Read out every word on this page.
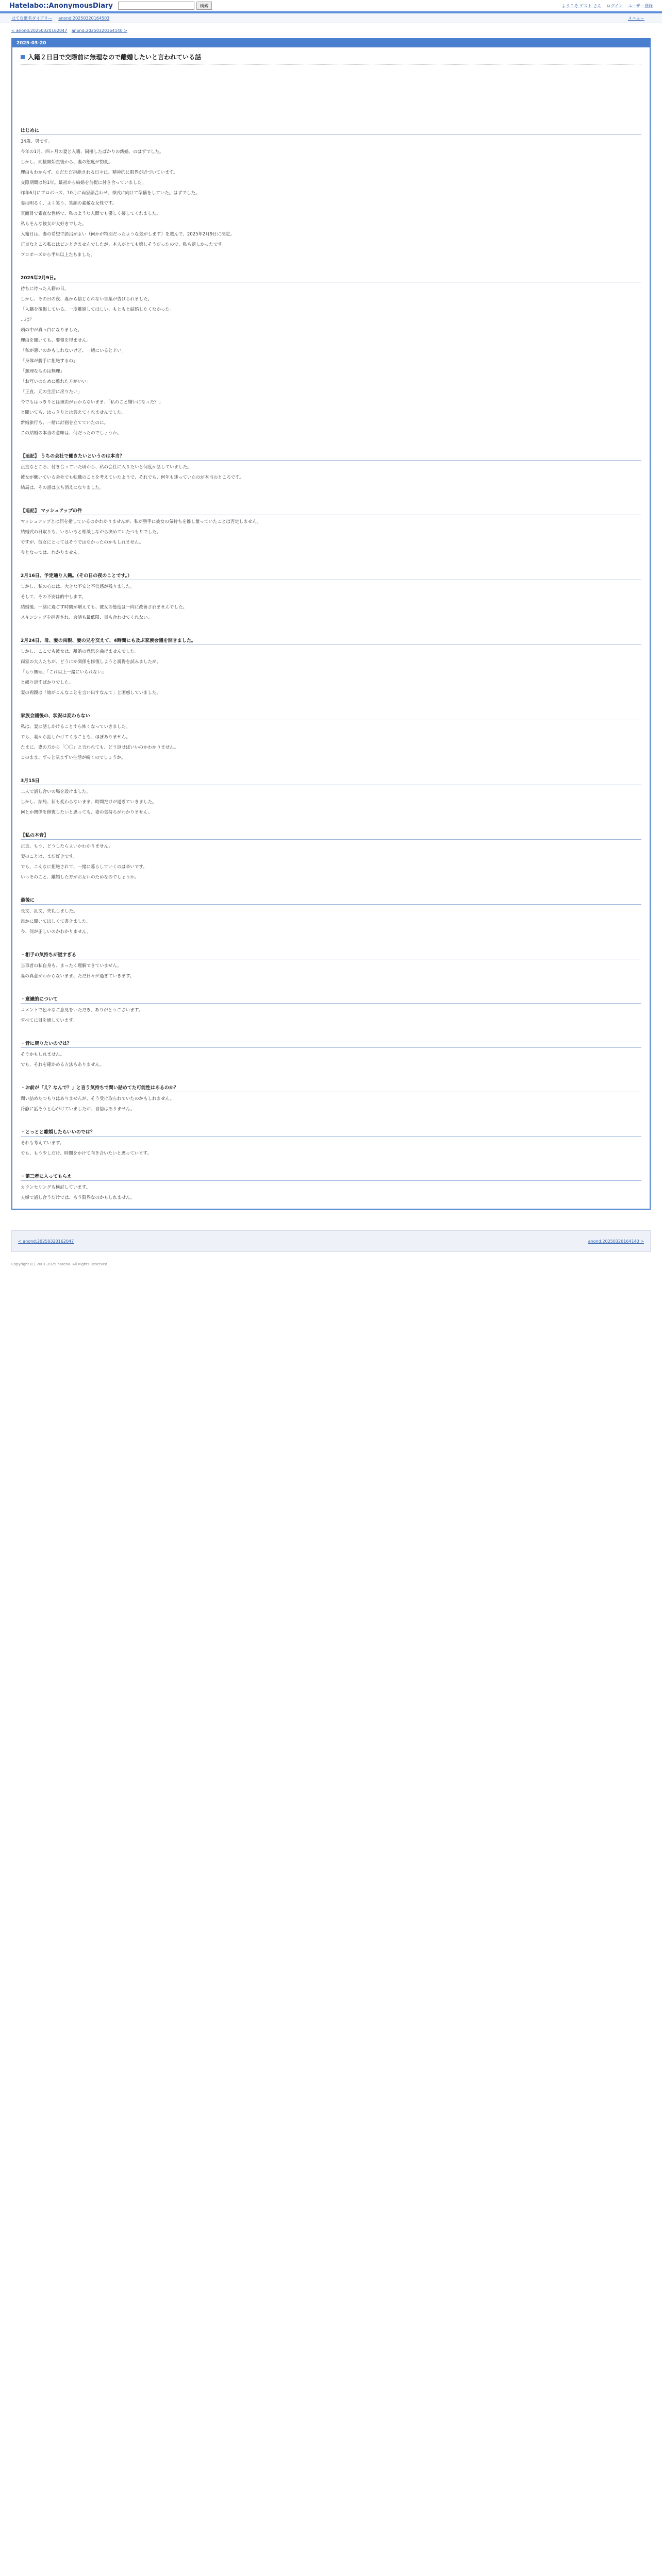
Hatelabo::AnonymousDiary	検索	ようこそ ゲスト さん ログイン ユーザー登録
はてな匿名ダイアリー anond:20250320164503	メニュー
< anond:20250320162047 anond:20250320164140 >
2025-03-20
入籍２日目で交際前に無理なので離婚したいと言われている話
はじめに
34歳、男です。
今年の1月、四ヶ月の妻と入籍、同棲したばかりの新婚、のはずでした。
しかし、同棲開始直後から、妻の態度が豹変。
理由もわからず、ただただ拒絶される日々に、精神的に限界が近づいています。
交際期間は約1年。最初から結婚を前提に付き合っていました。
昨年6月にプロポーズ、10月に両家顔合わせ、挙式に向けて準備をしていた。はずでした。
妻は明るく、よく笑う、笑顔の素敵な女性です。
真面目で素直な性格で、私のような人間でも優しく接してくれました。
私もそんな彼女が大好きでした。
入籍日は、妻の希望で語呂がよい（何かが特別だったような気がします）を選んで、2025年2月9日に決定。
正直なところ私にはピンときませんでしたが、本人がとても嬉しそうだったので、私も嬉しかったです。
プロポーズから半年以上たちました。
2025年2月9日。
待ちに待った入籍の日。
しかし、その日の夜、妻から信じられない言葉が告げられました。
「入籍を後悔している。一度離婚してほしい、もともと結婚したくなかった」
…は？
頭の中が真っ白になりました。
理由を聞いても、要領を得ません。
「私が悪いのかもしれないけど、一緒にいると辛い」
「身体が勝手に拒絶するの」
「無理なものは無理」
「お互いのために離れた方がいい」
「正直、元の生活に戻りたい」
今でもはっきりとは理由がわからないまま、「私のこと嫌いになった？」
と聞いても、はっきりとは答えてくれませんでした。
新婚旅行も、一緒に計画を立てていたのに。
この結婚の本当の意味は、何だったのでしょうか。
【追記】 うちの会社で働きたいというのは本当？
正直なところ、付き合っていた頃から、私の会社に入りたいと何度か話していました。
彼女が働いている会社でも転職のことを考えていたようで、それでも、何年も迷っていたのが本当のところです。
結局は、その話は立ち消えになりました。
【追記】 マッシュアップの件
マッシュアップとは何を指しているのかわかりませんが、私が勝手に彼女の気持ちを推し量っていたことは否定しません。
結婚式の日取りも、いろいろと相談しながら決めていたつもりでした。
ですが、彼女にとってはそうではなかったのかもしれません。
今となっては、わかりません。
2月16日、予定通り入籍。（その日の夜のことです。）
しかし、私の心には、大きな不安と不信感が残りました。
そして、その不安は的中します。
結婚後、一緒に過ごす時間が増えても、彼女の態度は一向に改善されませんでした。
スキンシップを拒否され、会話も最低限、目も合わせてくれない。
2月24日、母、妻の両親、妻の兄を交えて、4時間にも及ぶ家族会議を開きました。
しかし、ここでも彼女は、離婚の意思を曲げませんでした。
両家の大人たちが、どうにか関係を修復しようと説得を試みましたが、
「もう無理」「これ以上一緒にいられない」
と繰り返すばかりでした。
妻の両親は「娘がこんなことを言い出すなんて」と困惑していました。
家族会議後の、状況は変わらない
私は、妻に話しかけることすら怖くなっていきました。
でも、妻から話しかけてくることも、ほぼありません。
たまに、妻の方から「〇〇」と言われても、どう返せばいいのかわかりません。
このまま、ずっと気まずい生活が続くのでしょうか。
3月15日
二人で話し合いの場を設けました。
しかし、結局、何も変わらないまま、時間だけが過ぎていきました。
何とか関係を修復したいと思っても、妻の気持ちがわかりません。
【私の本音】
正直、もう、どうしたらよいかわかりません。
妻のことは、まだ好きです。
でも、こんなに拒絶されて、一緒に暮らしていくのは辛いです。
いっそのこと、離婚した方がお互いのためなのでしょうか。
最後に
長文、乱文、失礼しました。
誰かに聞いてほしくて書きました。
今、何が正しいのかわかりません。
・相手の気持ちが謎すぎる
当事者の私自身も、まったく理解できていません。
妻の真意がわからないまま、ただ日々が過ぎていきます。
・意識的について
コメントで色々なご意見をいただき、ありがとうございます。
すべてに目を通しています。
・昔に戻りたいのでは？
そうかもしれません。
でも、それを確かめる方法もありません。
・お前が「え？なんで？」と言う気持ちで問い詰めてた可能性はあるのか？
問い詰めたつもりはありませんが、そう受け取られていたのかもしれません。
冷静に話そうと心がけていましたが、自信はありません。
・とっとと離婚したらいいのでは？
それも考えています。
でも、もう少しだけ、時間をかけて向き合いたいと思っています。
・第三者に入ってもらえ
カウンセリングも検討しています。
夫婦で話し合うだけでは、もう限界なのかもしれません。
< anond:20250320162047	anond:20250320164140 >
Copyright (C) 2001-2025 hatena. All Rights Reserved.
